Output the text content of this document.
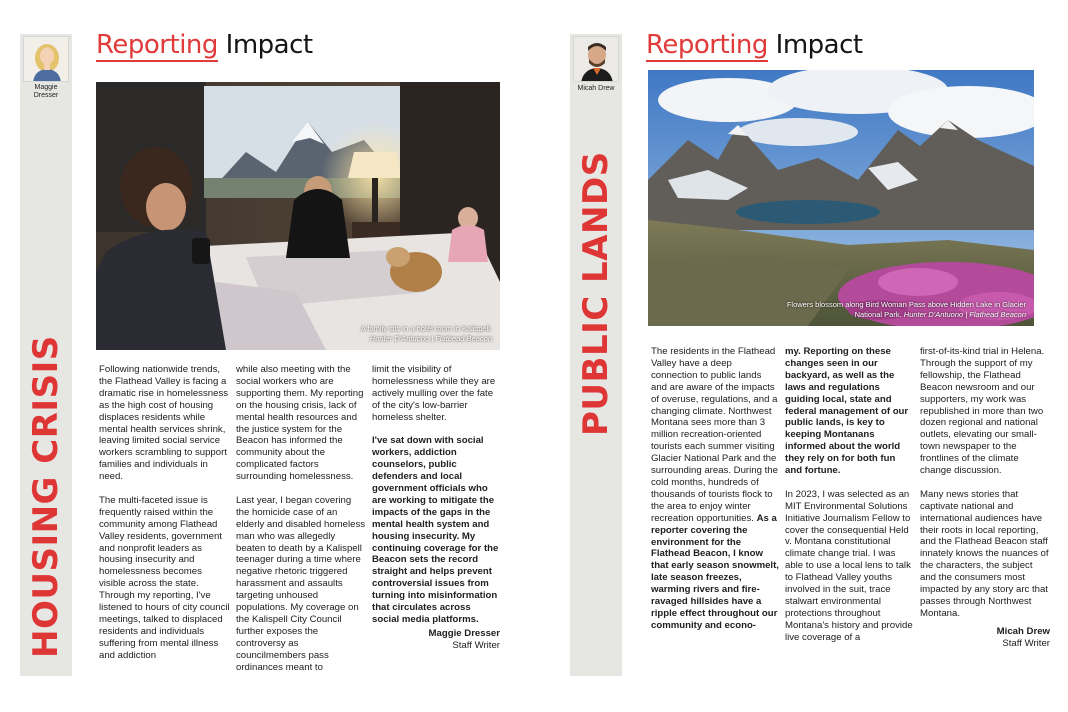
Maggie
Dresser
HOUSING CRISIS
Reporting Impact
A family sits in a hotel room in Kalispell.
Hunter D'Antuono | Flathead Beacon

Following nationwide trends, the Flathead Valley is facing a dramatic rise in homelessness as the high cost of housing displaces residents while mental health services shrink, leaving limited social service workers scrambling to support families and individuals in need.

The multi-faceted issue is frequently raised within the community among Flathead Valley residents, government and nonprofit leaders as housing insecurity and homelessness becomes visible across the state. Through my reporting, I've listened to hours of city council meetings, talked to displaced residents and individuals suffering from mental illness and addiction

while also meeting with the social workers who are supporting them. My reporting on the housing crisis, lack of mental health resources and the justice system for the Beacon has informed the community about the complicated factors surrounding homelessness.

Last year, I began covering the homicide case of an elderly and disabled homeless man who was allegedly beaten to death by a Kalispell teenager during a time where negative rhetoric triggered harassment and assaults targeting unhoused populations. My coverage on the Kalispell City Council further exposes the controversy as councilmembers pass ordinances meant to

limit the visibility of homelessness while they are actively mulling over the fate of the city's low-barrier homeless shelter.

I've sat down with social workers, addiction counselors, public defenders and local government officials who are working to mitigate the impacts of the gaps in the mental health system and housing insecurity. My continuing coverage for the Beacon sets the record straight and helps prevent controversial issues from turning into misinformation that circulates across social media platforms.

Maggie Dresser
Staff Writer
Micah Drew
PUBLIC LANDS
Reporting Impact
Flowers blossom along Bird Woman Pass above Hidden Lake in Glacier
National Park. Hunter D'Antuono | Flathead Beacon

The residents in the Flathead Valley have a deep connection to public lands and are aware of the impacts of overuse, regulations, and a changing climate. Northwest Montana sees more than 3 million recreation-oriented tourists each summer visiting Glacier National Park and the surrounding areas. During the cold months, hundreds of thousands of tourists flock to the area to enjoy winter recreation opportunities. As a reporter covering the environment for the Flathead Beacon, I know that early season snowmelt, late season freezes, warming rivers and fire-ravaged hillsides have a ripple effect throughout our community and econo-

my. Reporting on these changes seen in our backyard, as well as the laws and regulations guiding local, state and federal management of our public lands, is key to keeping Montanans informed about the world they rely on for both fun and fortune.

In 2023, I was selected as an MIT Environmental Solutions Initiative Journalism Fellow to cover the consequential Held v. Montana constitutional climate change trial. I was able to use a local lens to talk to Flathead Valley youths involved in the suit, trace stalwart environmental protections throughout Montana's history and provide live coverage of a

first-of-its-kind trial in Helena. Through the support of my fellowship, the Flathead Beacon newsroom and our supporters, my work was republished in more than two dozen regional and national outlets, elevating our small-town newspaper to the frontlines of the climate change discussion.

Many news stories that captivate national and international audiences have their roots in local reporting, and the Flathead Beacon staff innately knows the nuances of the characters, the subject and the consumers most impacted by any story arc that passes through Northwest Montana.

Micah Drew
Staff Writer
